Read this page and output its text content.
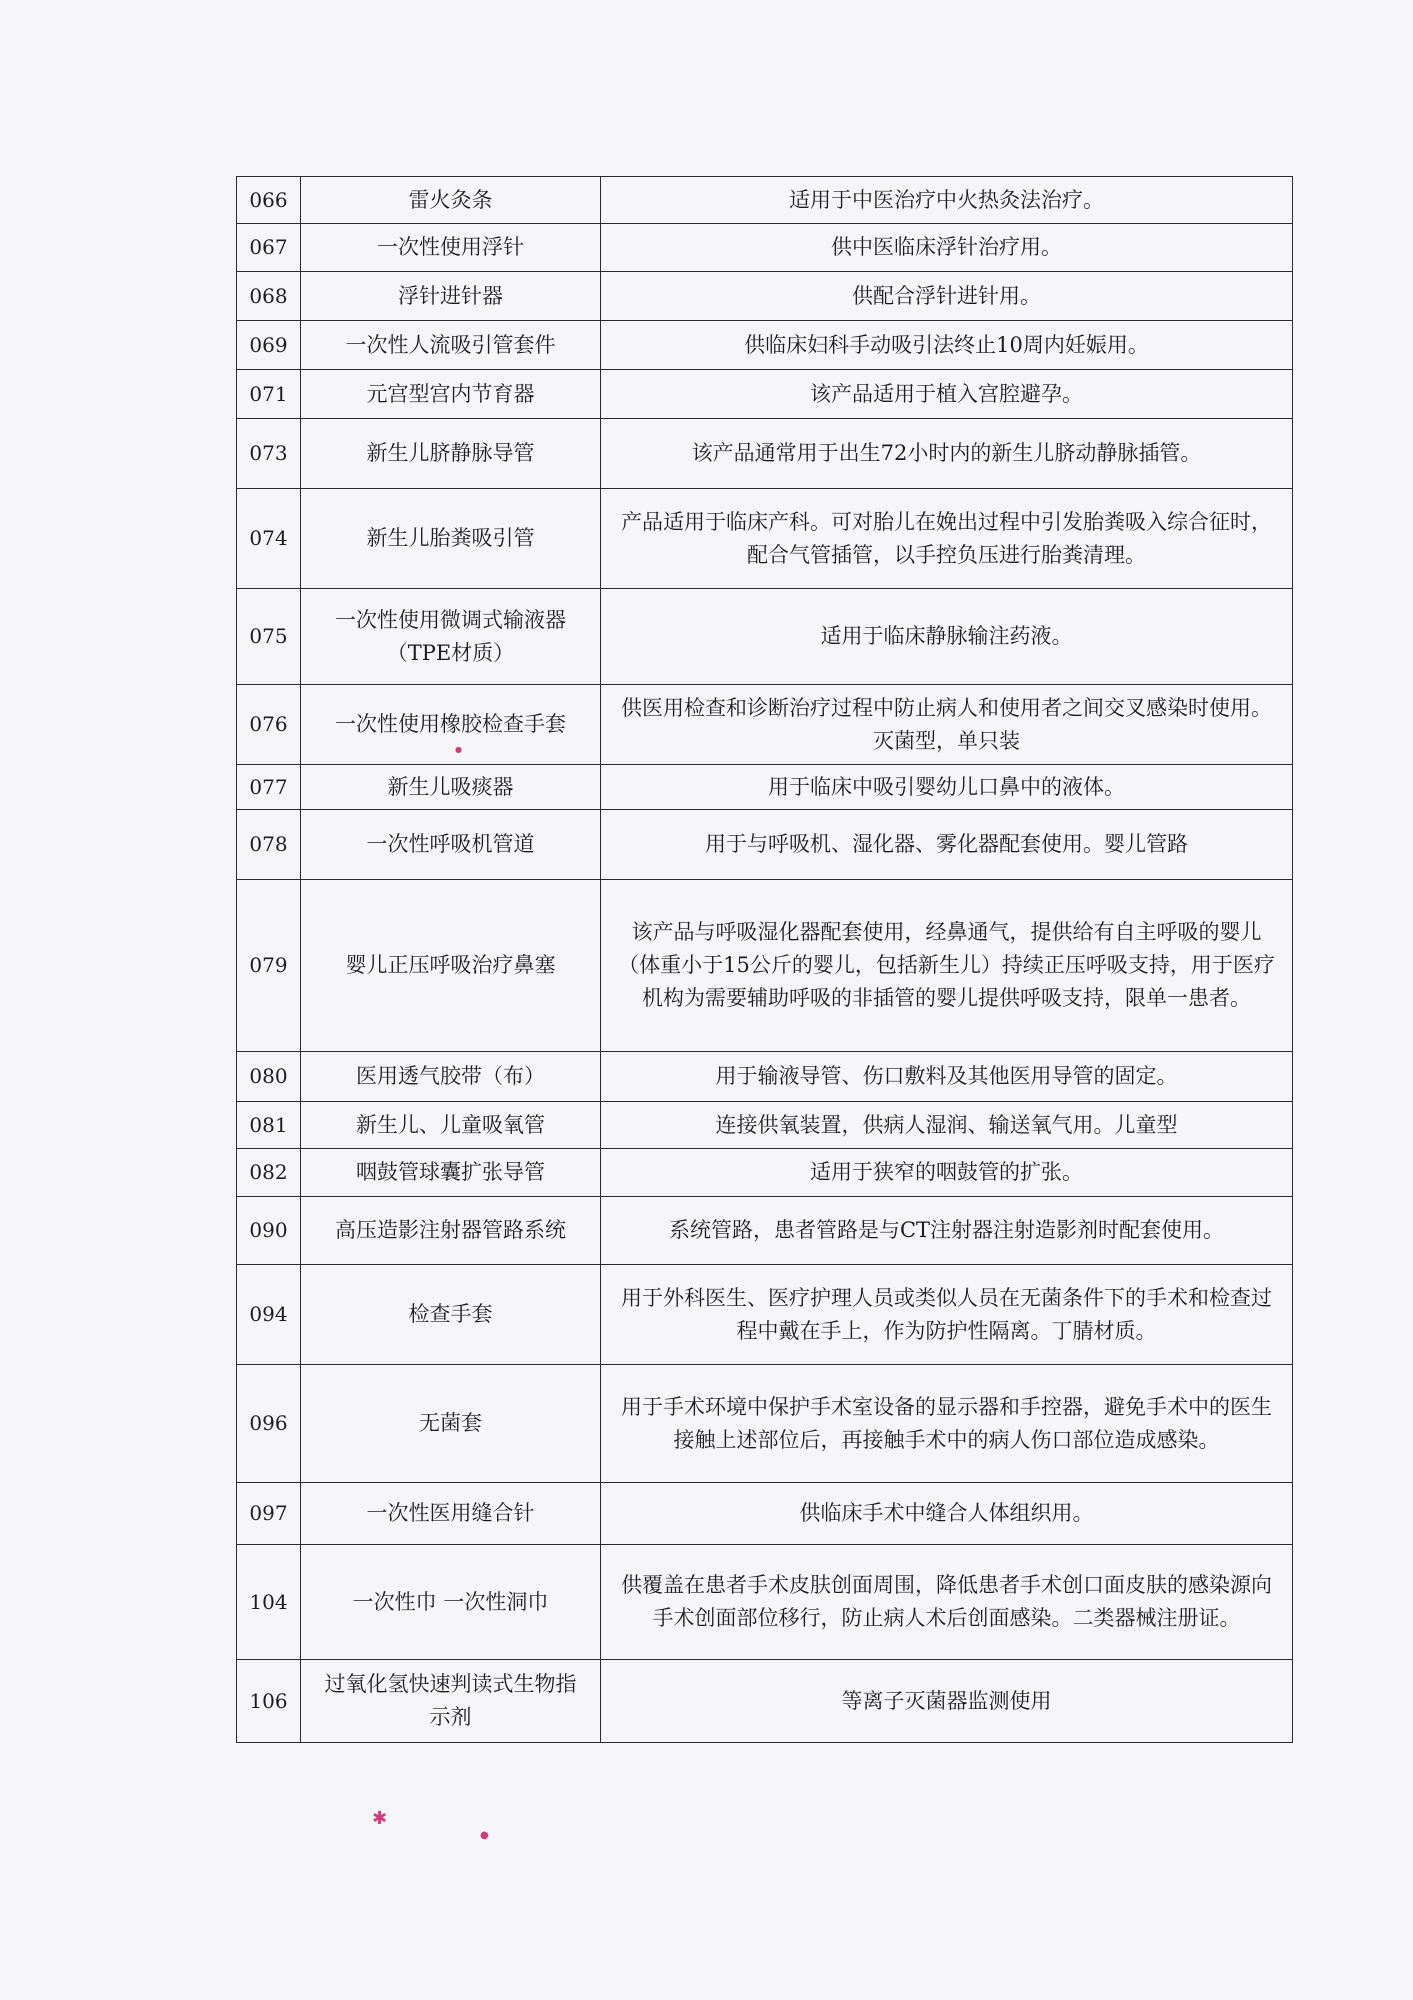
066	雷火灸条	适用于中医治疗中火热灸法治疗。
067	一次性使用浮针	供中医临床浮针治疗用。
068	浮针进针器	供配合浮针进针用。
069	一次性人流吸引管套件	供临床妇科手动吸引法终止10周内妊娠用。
071	元宫型宫内节育器	该产品适用于植入宫腔避孕。
073	新生儿脐静脉导管	该产品通常用于出生72小时内的新生儿脐动静脉插管。
074	新生儿胎粪吸引管	产品适用于临床产科。可对胎儿在娩出过程中引发胎粪吸入综合征时，配合气管插管，以手控负压进行胎粪清理。
075	一次性使用微调式输液器（TPE材质）	适用于临床静脉输注药液。
076	一次性使用橡胶检查手套	供医用检查和诊断治疗过程中防止病人和使用者之间交叉感染时使用。灭菌型，单只装
077	新生儿吸痰器	用于临床中吸引婴幼儿口鼻中的液体。
078	一次性呼吸机管道	用于与呼吸机、湿化器、雾化器配套使用。婴儿管路
079	婴儿正压呼吸治疗鼻塞	该产品与呼吸湿化器配套使用，经鼻通气，提供给有自主呼吸的婴儿（体重小于15公斤的婴儿，包括新生儿）持续正压呼吸支持，用于医疗机构为需要辅助呼吸的非插管的婴儿提供呼吸支持，限单一患者。
080	医用透气胶带（布）	用于输液导管、伤口敷料及其他医用导管的固定。
081	新生儿、儿童吸氧管	连接供氧装置，供病人湿润、输送氧气用。儿童型
082	咽鼓管球囊扩张导管	适用于狭窄的咽鼓管的扩张。
090	高压造影注射器管路系统	系统管路，患者管路是与CT注射器注射造影剂时配套使用。
094	检查手套	用于外科医生、医疗护理人员或类似人员在无菌条件下的手术和检查过程中戴在手上，作为防护性隔离。丁腈材质。
096	无菌套	用于手术环境中保护手术室设备的显示器和手控器，避免手术中的医生接触上述部位后，再接触手术中的病人伤口部位造成感染。
097	一次性医用缝合针	供临床手术中缝合人体组织用。
104	一次性巾 一次性洞巾	供覆盖在患者手术皮肤创面周围，降低患者手术创口面皮肤的感染源向手术创面部位移行，防止病人术后创面感染。二类器械注册证。
106	过氧化氢快速判读式生物指示剂	等离子灭菌器监测使用
✱
●
●
